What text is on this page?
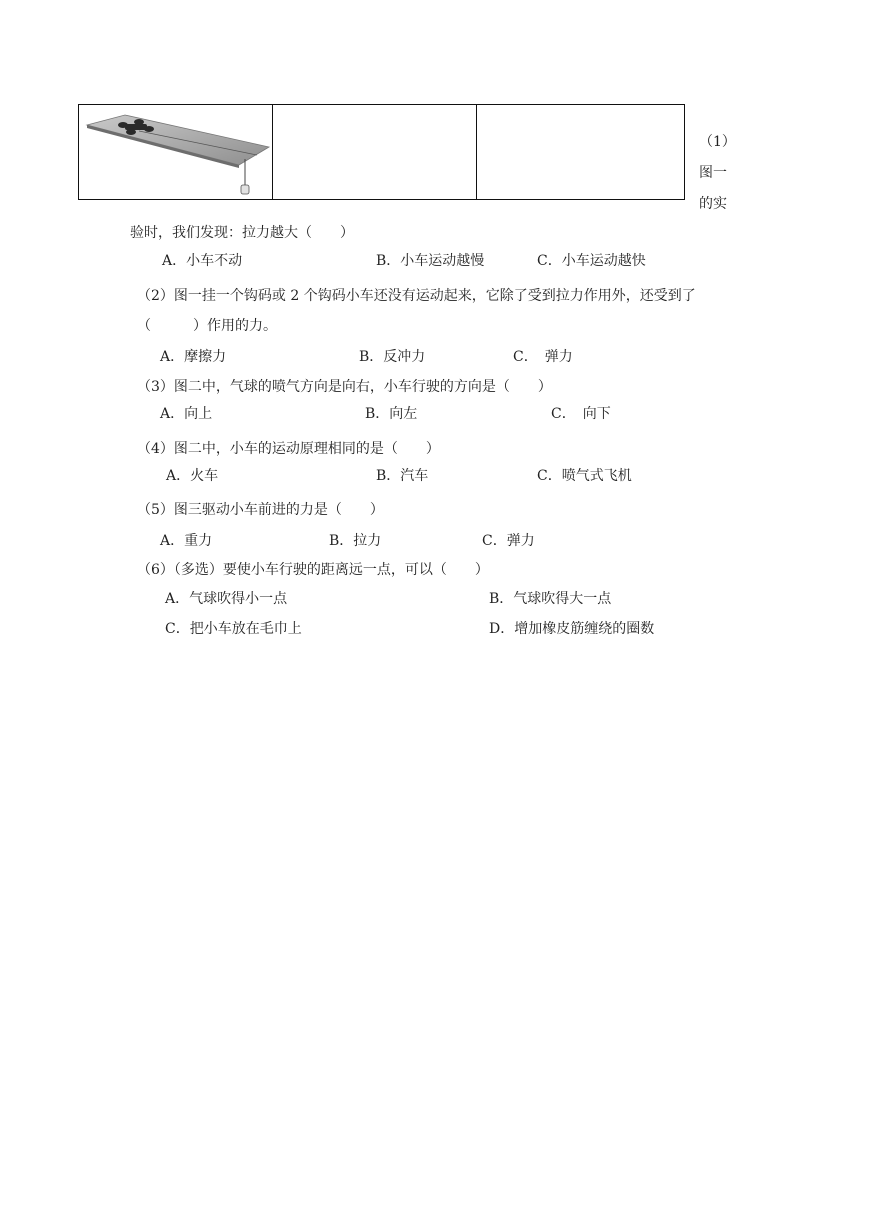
（1）
图一
的实
验时，我们发现：拉力越大（　　）
A．小车不动	B．小车运动越慢	C．小车运动越快
（2）图一挂一个钩码或 2 个钩码小车还没有运动起来，它除了受到拉力作用外，还受到了
（　　　）作用的力。
A．摩擦力	B．反冲力	C．　弹力
（3）图二中，气球的喷气方向是向右，小车行驶的方向是（　　）
A．向上	B．向左	C．　向下
（4）图二中，小车的运动原理相同的是（　　）
A．火车	B．汽车	C．喷气式飞机
（5）图三驱动小车前进的力是（　　）
A．重力	B．拉力	C．弹力
（6）（多选）要使小车行驶的距离远一点，可以（　　）
A．气球吹得小一点	B．气球吹得大一点
C．把小车放在毛巾上	D．增加橡皮筋缠绕的圈数
